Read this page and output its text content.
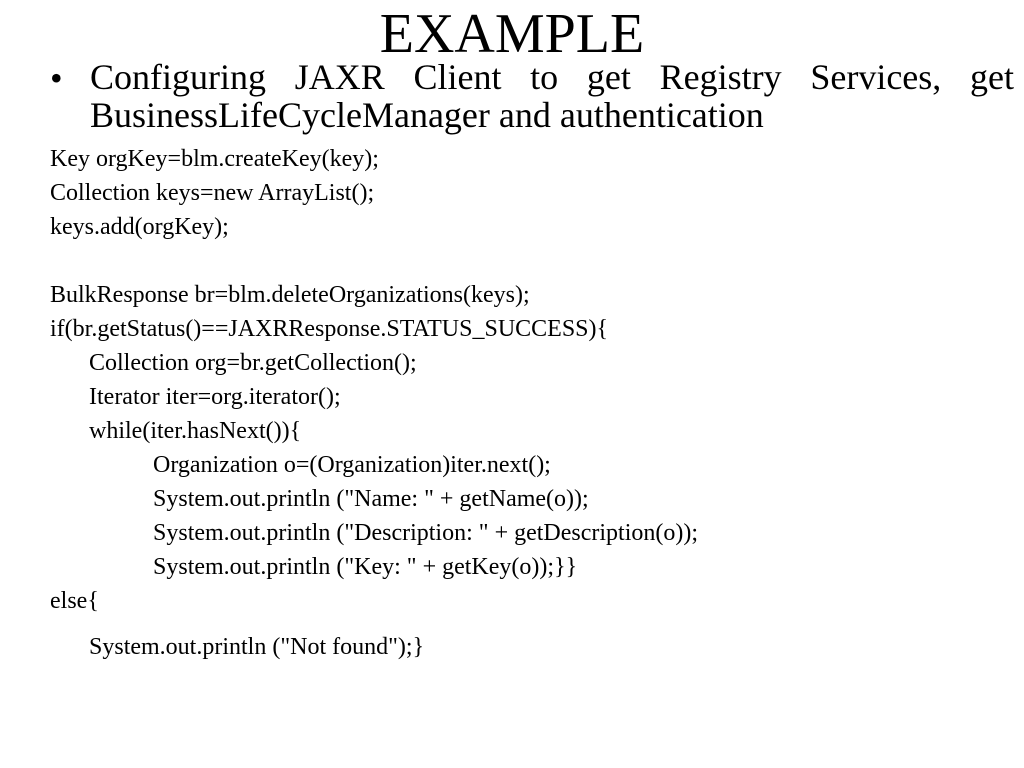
EXAMPLE
• Configuring JAXR Client to get Registry Services, get BusinessLifeCycleManager and authentication
Key orgKey=blm.createKey(key);
Collection keys=new ArrayList();
keys.add(orgKey);
BulkResponse br=blm.deleteOrganizations(keys);
if(br.getStatus()==JAXRResponse.STATUS_SUCCESS){
Collection org=br.getCollection();
Iterator iter=org.iterator();
while(iter.hasNext()){
Organization o=(Organization)iter.next();
System.out.println ("Name: " + getName(o));
System.out.println ("Description: " + getDescription(o));
System.out.println ("Key: " + getKey(o));}}
else{
System.out.println ("Not found");}
